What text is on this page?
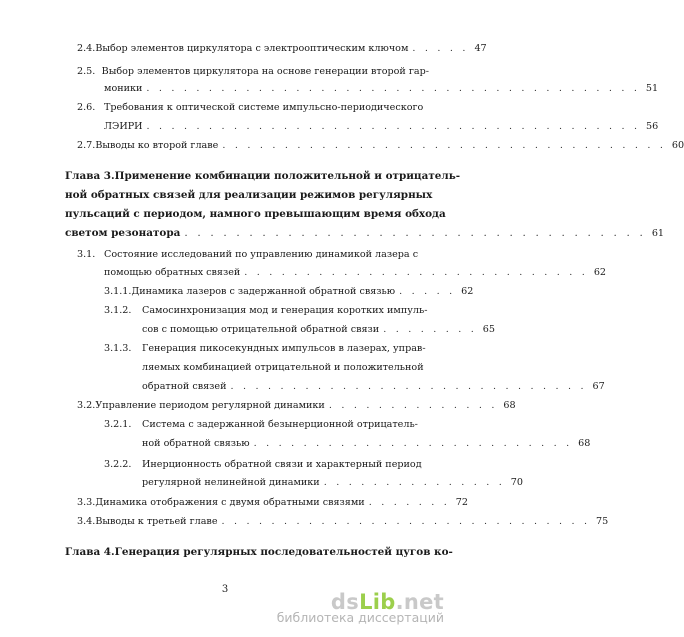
2.4. Выбор элементов циркулятора с электрооптическим ключом . . . . . 47
2.5. Выбор элементов циркулятора на основе генерации второй гар-
моники . . . . . . . . . . . . . . . . . . . . . . . . . . . . . . . . . . . . . . . . 51
2.6. Требования к оптической системе импульсно-периодического
ЛЭИРИ . . . . . . . . . . . . . . . . . . . . . . . . . . . . . . . . . . . . . . . . 56
2.7. Выводы ко второй главе . . . . . . . . . . . . . . . . . . . . . . . . . . . . . . . . . . . . 60
Глава 3. Применение комбинации положительной и отрицатель-
ной обратных связей для реализации режимов регулярных
пульсаций с периодом, намного превышающим время обхода
светом резонатора . . . . . . . . . . . . . . . . . . . . . . . . . . . . . . . . . . . . 61
3.1. Состояние исследований по управлению динамикой лазера с
помощью обратных связей . . . . . . . . . . . . . . . . . . . . . . . . . . . . 62
3.1.1. Динамика лазеров с задержанной обратной связью . . . . . 62
3.1.2.	Самосинхронизация мод и генерация коротких импуль-
сов с помощью отрицательной обратной связи . . . . . . . . 65
3.1.3.	Генерация пикосекундных импульсов в лазерах, управ-
ляемых комбинацией отрицательной и положительной
обратной связей . . . . . . . . . . . . . . . . . . . . . . . . . . . . . 67
3.2. Управление периодом регулярной динамики . . . . . . . . . . . . . . 68
3.2.1.	Система с задержанной безынерционной отрицатель-
ной обратной связью . . . . . . . . . . . . . . . . . . . . . . . . . . 68
3.2.2.	Инерционность обратной связи и характерный период
регулярной нелинейной динамики . . . . . . . . . . . . . . . 70
3.3. Динамика отображения с двумя обратными связями . . . . . . . 72
3.4. Выводы к третьей главе . . . . . . . . . . . . . . . . . . . . . . . . . . . . . . 75
Глава 4. Генерация регулярных последовательностей цугов ко-
3
dsLib.net
библиотека диссертаций
